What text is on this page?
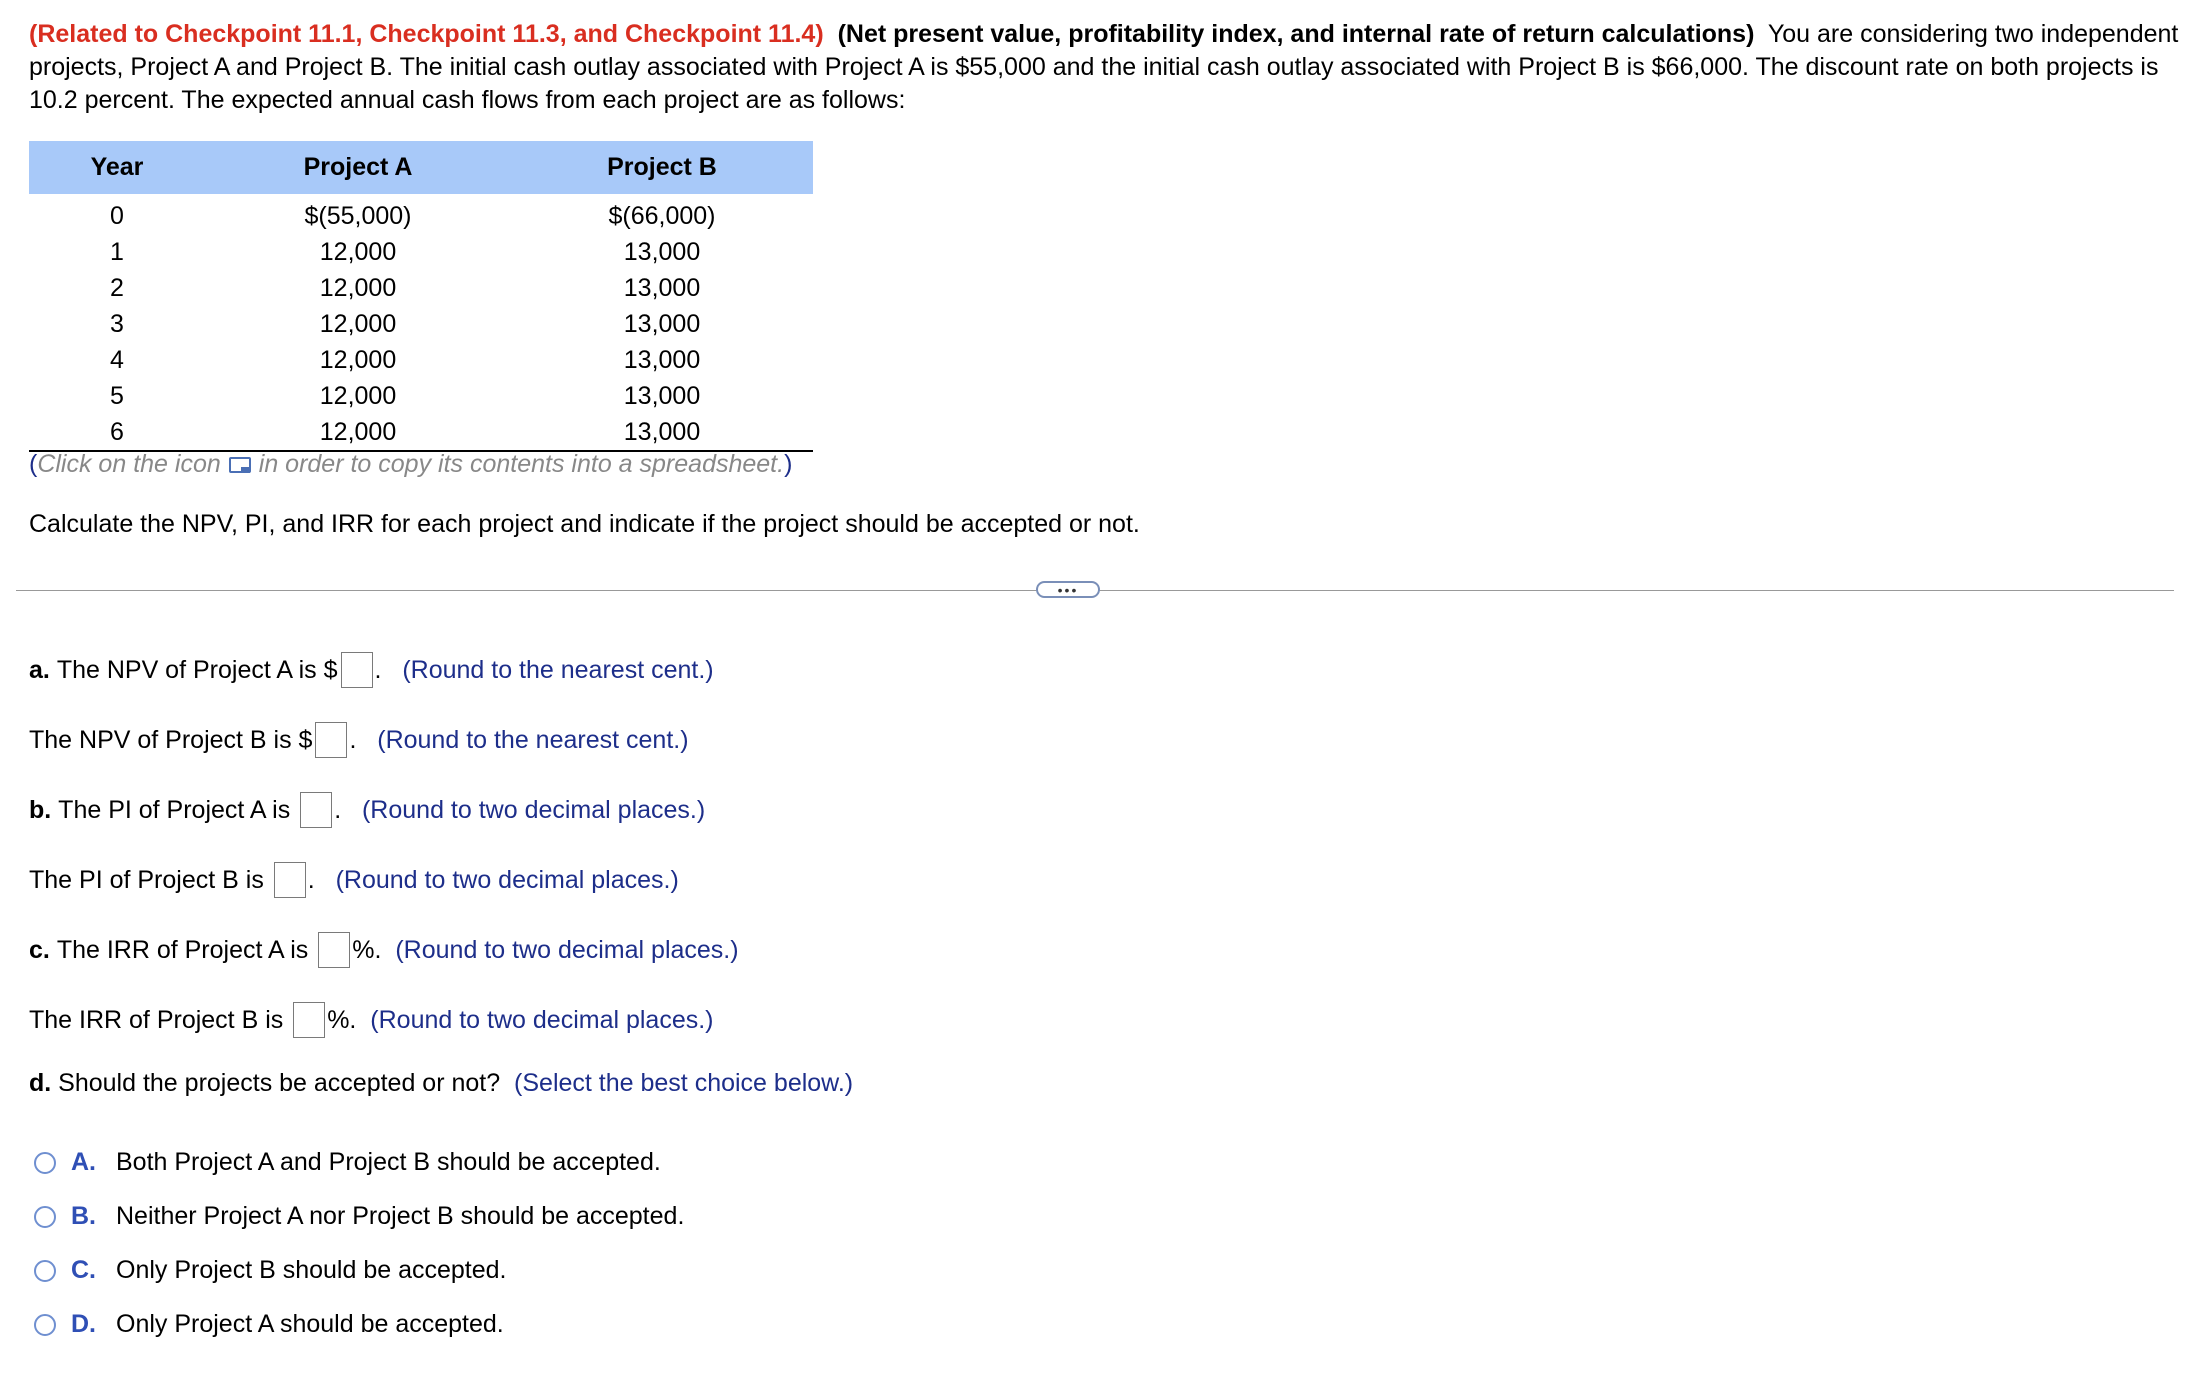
(Related to Checkpoint 11.1, Checkpoint 11.3, and Checkpoint 11.4) (Net present value, profitability index, and internal rate of return calculations) You are considering two independent projects, Project A and Project B. The initial cash outlay associated with Project A is $55,000 and the initial cash outlay associated with Project B is $66,000. The discount rate on both projects is 10.2 percent. The expected annual cash flows from each project are as follows:
Year	Project A	Project B
0	$(55,000)	$(66,000)
1	12,000	13,000
2	12,000	13,000
3	12,000	13,000
4	12,000	13,000
5	12,000	13,000
6	12,000	13,000
(Click on the icon in order to copy its contents into a spreadsheet.)
Calculate the NPV, PI, and IRR for each project and indicate if the project should be accepted or not.
•••
a.
The NPV of Project A is $ .
(Round to the nearest cent.)
The NPV of Project B is $ .
(Round to the nearest cent.)
b.
The PI of Project A is
.
(Round to two decimal places.)
The PI of Project B is
.
(Round to two decimal places.)
c.
The IRR of Project A is
%.
(Round to two decimal places.)
The IRR of Project B is
%.
(Round to two decimal places.)
d.
Should the projects be accepted or not?
(Select the best choice below.)
A. Both Project A and Project B should be accepted.
B. Neither Project A nor Project B should be accepted.
C. Only Project B should be accepted.
D. Only Project A should be accepted.
